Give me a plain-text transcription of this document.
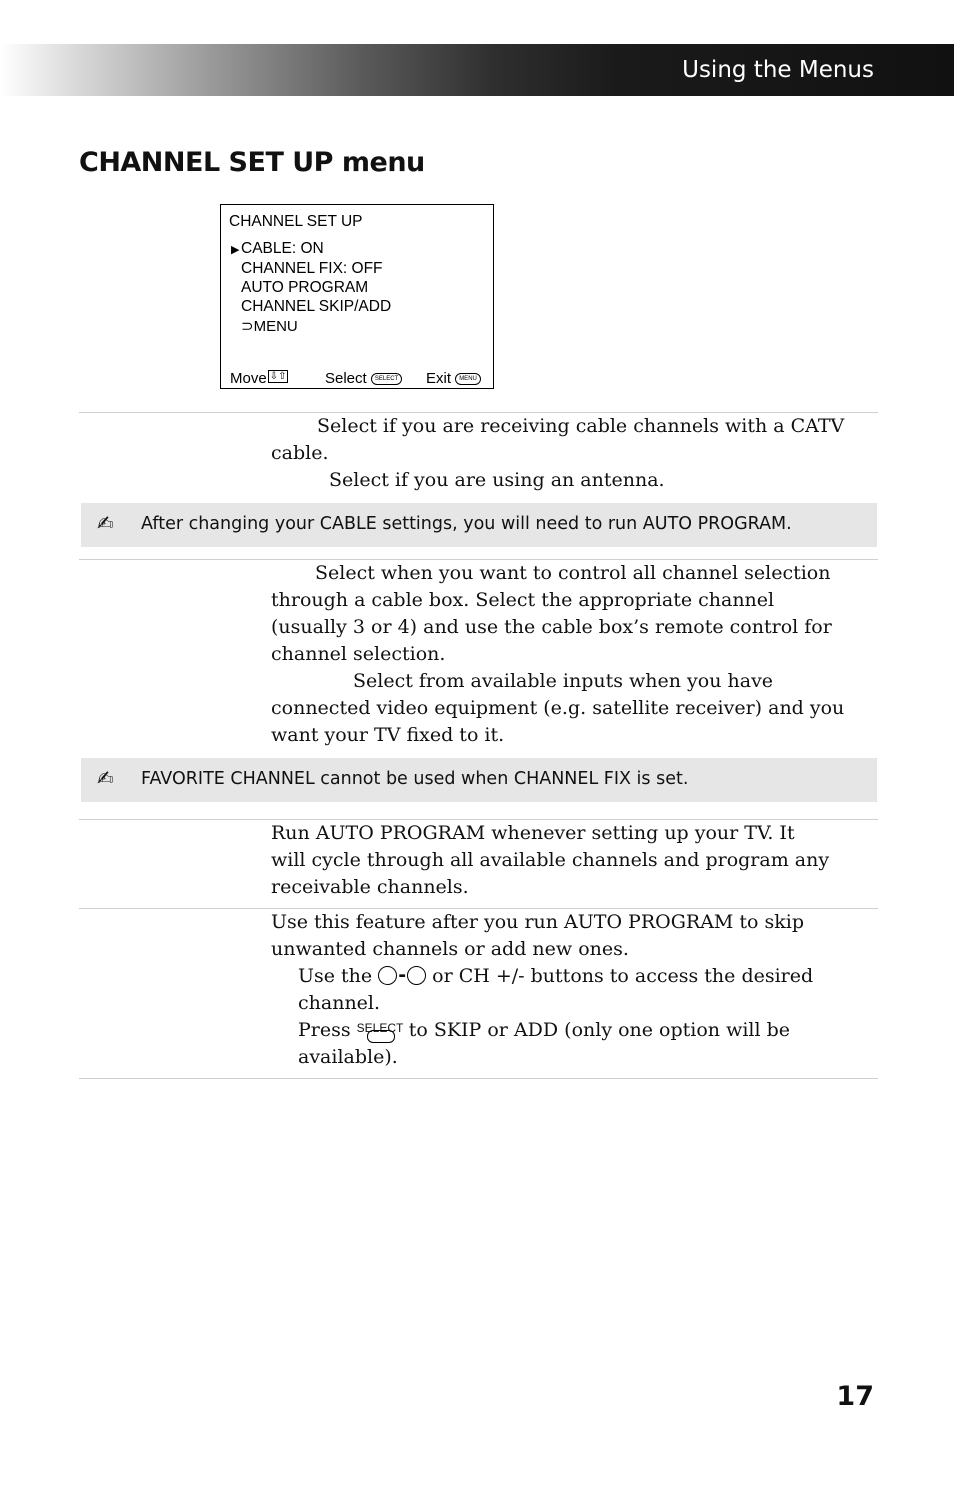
Using the Menus
CHANNEL SET UP menu
CHANNEL SET UP
▶ CABLE: ON
CHANNEL FIX: OFF
AUTO PROGRAM
CHANNEL SKIP/ADD
⊃MENU
Move ⇩⇧	Select SELECT Exit MENU
Select if you are receiving cable channels with a CATV
cable.
Select if you are using an antenna.
✍ After changing your CABLE settings, you will need to run AUTO PROGRAM.
Select when you want to control all channel selection
through a cable box. Select the appropriate channel
(usually 3 or 4) and use the cable box’s remote control for
channel selection.
Select from available inputs when you have
connected video equipment (e.g. satellite receiver) and you
want your TV fixed to it.
✍ FAVORITE CHANNEL cannot be used when CHANNEL FIX is set.
Run AUTO PROGRAM whenever setting up your TV. It
will cycle through all available channels and program any
receivable channels.
Use this feature after you run AUTO PROGRAM to skip
unwanted channels or add new ones.
Use the - or CH +/- buttons to access the desired
channel.
Press SELECT to SKIP or ADD (only one option will be
available).
17
